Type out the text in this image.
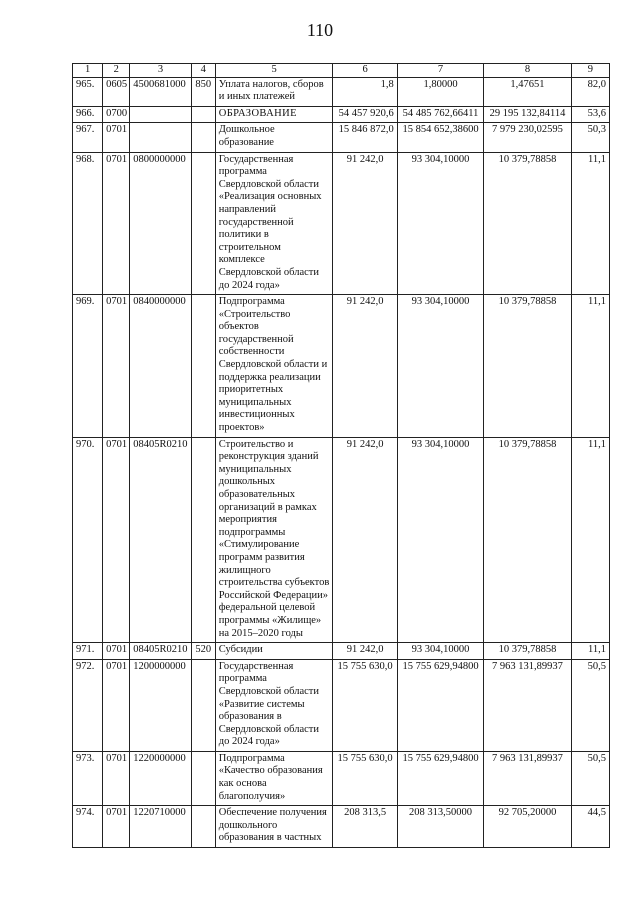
110
1	2	3	4	5	6	7	8	9
965.	0605	4500681000	850	Уплата налогов, сборов и иных платежей	1,8	1,80000	1,47651	82,0
966.	0700			ОБРАЗОВАНИЕ	54 457 920,6	54 485 762,66411	29 195 132,84114	53,6
967.	0701			Дошкольное образование	15 846 872,0	15 854 652,38600	7 979 230,02595	50,3
968.	0701	0800000000		Государственная программа Свердловской области «Реализация основных направлений государственной политики в строительном комплексе Свердловской области до 2024 года»	91 242,0	93 304,10000	10 379,78858	11,1
969.	0701	0840000000		Подпрограмма «Строительство объектов государственной собственности Свердловской области и поддержка реализации приоритетных муниципальных инвестиционных проектов»	91 242,0	93 304,10000	10 379,78858	11,1
970.	0701	08405R0210		Строительство и реконструкция зданий муниципальных дошкольных образовательных организаций в рамках мероприятия подпрограммы «Стимулирование программ развития жилищного строительства субъектов Российской Федерации» федеральной целевой программы «Жилище» на 2015–2020 годы	91 242,0	93 304,10000	10 379,78858	11,1
971.	0701	08405R0210	520	Субсидии	91 242,0	93 304,10000	10 379,78858	11,1
972.	0701	1200000000		Государственная программа Свердловской области «Развитие системы образования в Свердловской области до 2024 года»	15 755 630,0	15 755 629,94800	7 963 131,89937	50,5
973.	0701	1220000000		Подпрограмма «Качество образования как основа благополучия»	15 755 630,0	15 755 629,94800	7 963 131,89937	50,5
974.	0701	1220710000		Обеспечение получения дошкольного образования в частных	208 313,5	208 313,50000	92 705,20000	44,5
